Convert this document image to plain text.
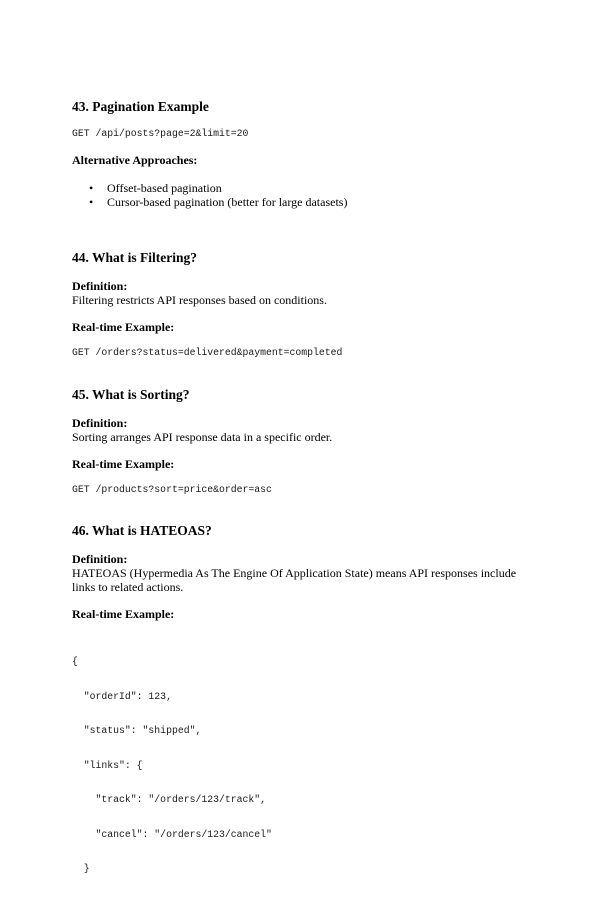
43. Pagination Example
GET /api/posts?page=2&limit=20
Alternative Approaches:
• Offset-based pagination
• Cursor-based pagination (better for large datasets)
44. What is Filtering?
Definition:
Filtering restricts API responses based on conditions.
Real-time Example:
GET /orders?status=delivered&payment=completed
45. What is Sorting?
Definition:
Sorting arranges API response data in a specific order.
Real-time Example:
GET /products?sort=price&order=asc
46. What is HATEOAS?
Definition:
HATEOAS (Hypermedia As The Engine Of Application State) means API responses include
links to related actions.
Real-time Example:

{

"orderId": 123,

"status": "shipped",

"links": {

"track": "/orders/123/track",

"cancel": "/orders/123/cancel"

}
